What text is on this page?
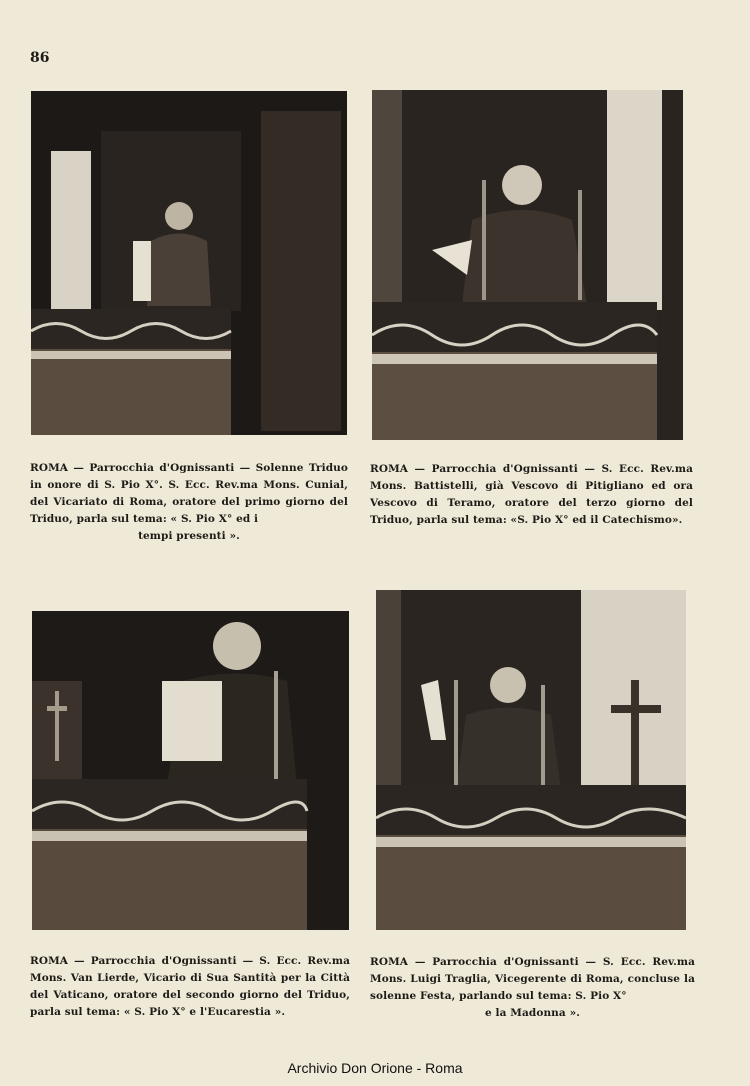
86
ROMA — Parrocchia d'Ognissanti — Solenne Triduo in onore di S. Pio X°. S. Ecc. Rev.ma Mons. Cunial, del Vicariato di Roma, oratore del primo giorno del Triduo, parla sul tema: « S. Pio X° ed i
tempi presenti ».
ROMA — Parrocchia d'Ognissanti — S. Ecc. Rev.ma Mons. Battistelli, già Vescovo di Pitigliano ed ora Vescovo di Teramo, oratore del terzo giorno del Triduo, parla sul tema: «S. Pio X° ed il Catechismo».
ROMA — Parrocchia d'Ognissanti — S. Ecc. Rev.ma Mons. Van Lierde, Vicario di Sua Santità per la Città del Vaticano, oratore del secondo giorno del Triduo, parla sul tema: « S. Pio X° e l'Eucarestia ».
ROMA — Parrocchia d'Ognissanti — S. Ecc. Rev.ma Mons. Luigi Traglia, Vicegerente di Roma, concluse la solenne Festa, parlando sul tema: S. Pio X°
e la Madonna ».
Archivio Don Orione - Roma
